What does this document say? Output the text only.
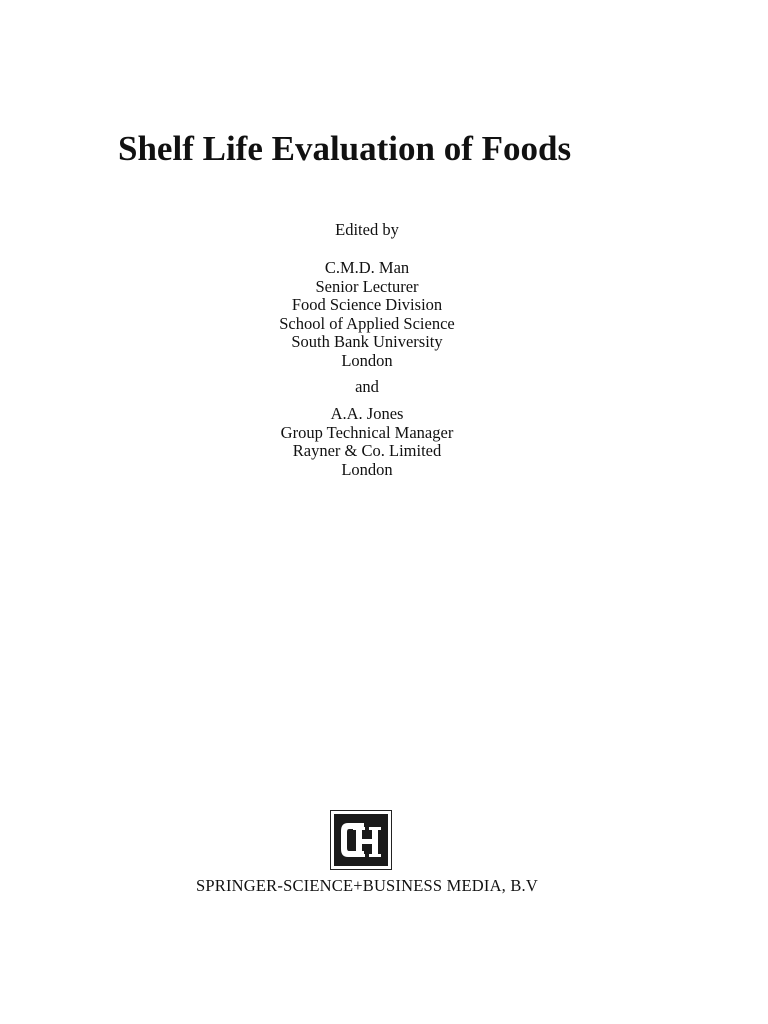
Shelf Life Evaluation of Foods
Edited by
C.M.D. Man
Senior Lecturer
Food Science Division
School of Applied Science
South Bank University
London
and
A.A. Jones
Group Technical Manager
Rayner & Co. Limited
London
SPRINGER-SCIENCE+BUSINESS MEDIA, B.V
